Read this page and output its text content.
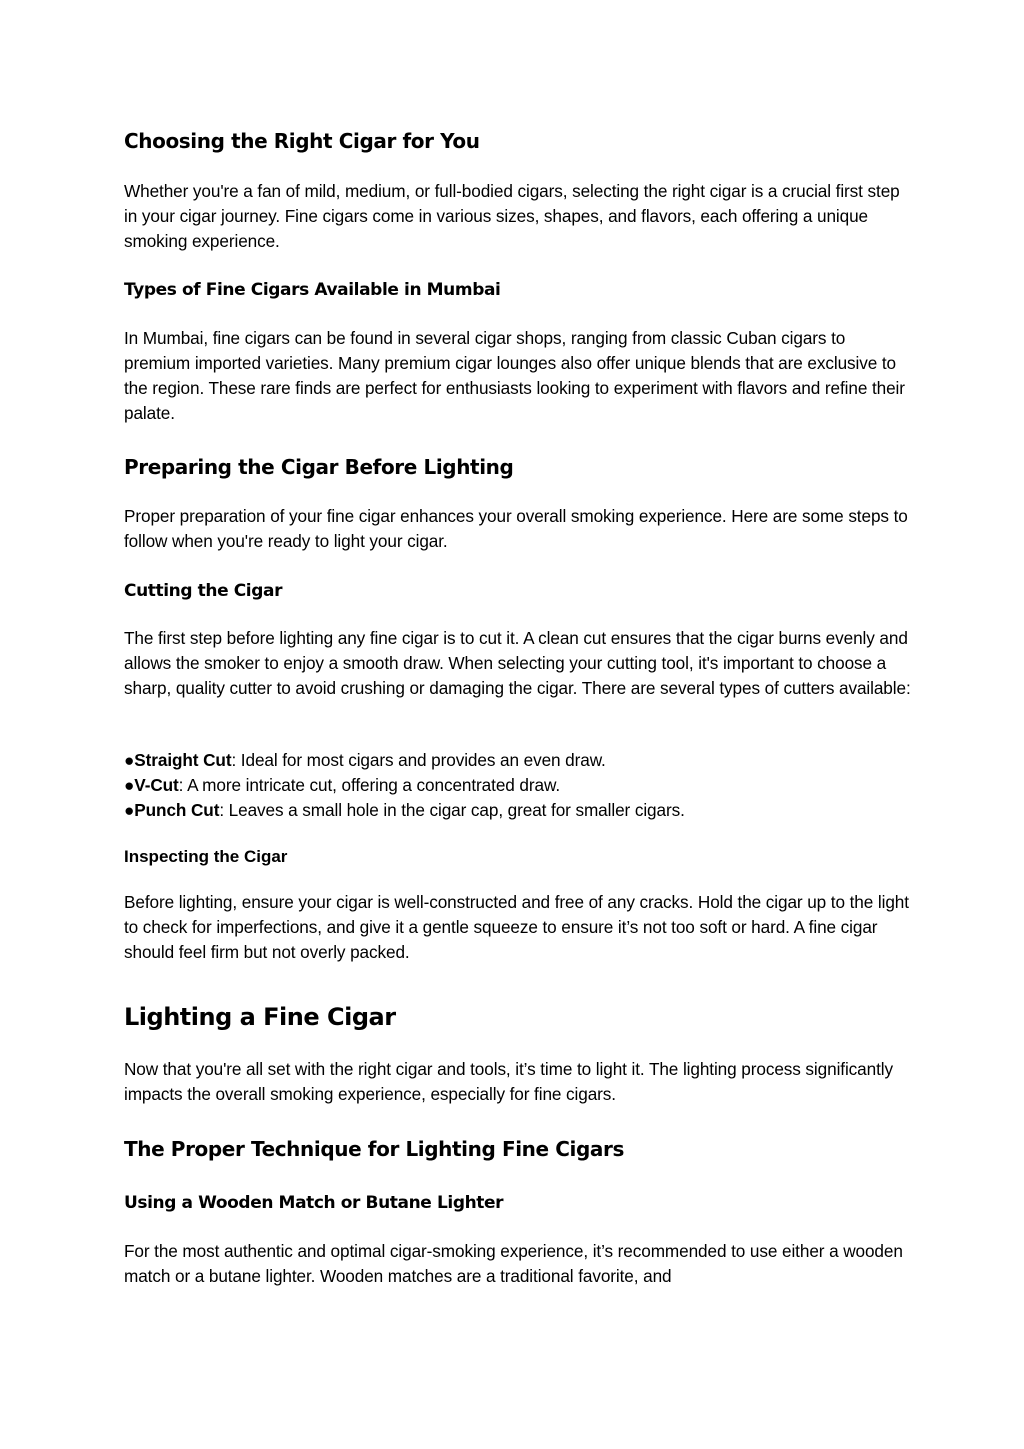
Choosing the Right Cigar for You

Whether you're a fan of mild, medium, or full-bodied cigars, selecting the right cigar is a crucial first step in your cigar journey. Fine cigars come in various sizes, shapes, and flavors, each offering a unique smoking experience.

Types of Fine Cigars Available in Mumbai

In Mumbai, fine cigars can be found in several cigar shops, ranging from classic Cuban cigars to premium imported varieties. Many premium cigar lounges also offer unique blends that are exclusive to the region. These rare finds are perfect for enthusiasts looking to experiment with flavors and refine their palate.

Preparing the Cigar Before Lighting

Proper preparation of your fine cigar enhances your overall smoking experience. Here are some steps to follow when you're ready to light your cigar.

Cutting the Cigar

The first step before lighting any fine cigar is to cut it. A clean cut ensures that the cigar burns evenly and allows the smoker to enjoy a smooth draw. When selecting your cutting tool, it's important to choose a sharp, quality cutter to avoid crushing or damaging the cigar. There are several types of cutters available:

●Straight Cut: Ideal for most cigars and provides an even draw.
●V-Cut: A more intricate cut, offering a concentrated draw.
●Punch Cut: Leaves a small hole in the cigar cap, great for smaller cigars.
Inspecting the Cigar

Before lighting, ensure your cigar is well-constructed and free of any cracks. Hold the cigar up to the light to check for imperfections, and give it a gentle squeeze to ensure it’s not too soft or hard. A fine cigar should feel firm but not overly packed.

Lighting a Fine Cigar

Now that you're all set with the right cigar and tools, it’s time to light it. The lighting process significantly impacts the overall smoking experience, especially for fine cigars.

The Proper Technique for Lighting Fine Cigars
Using a Wooden Match or Butane Lighter

For the most authentic and optimal cigar-smoking experience, it’s recommended to use either a wooden match or a butane lighter. Wooden matches are a traditional favorite, and
